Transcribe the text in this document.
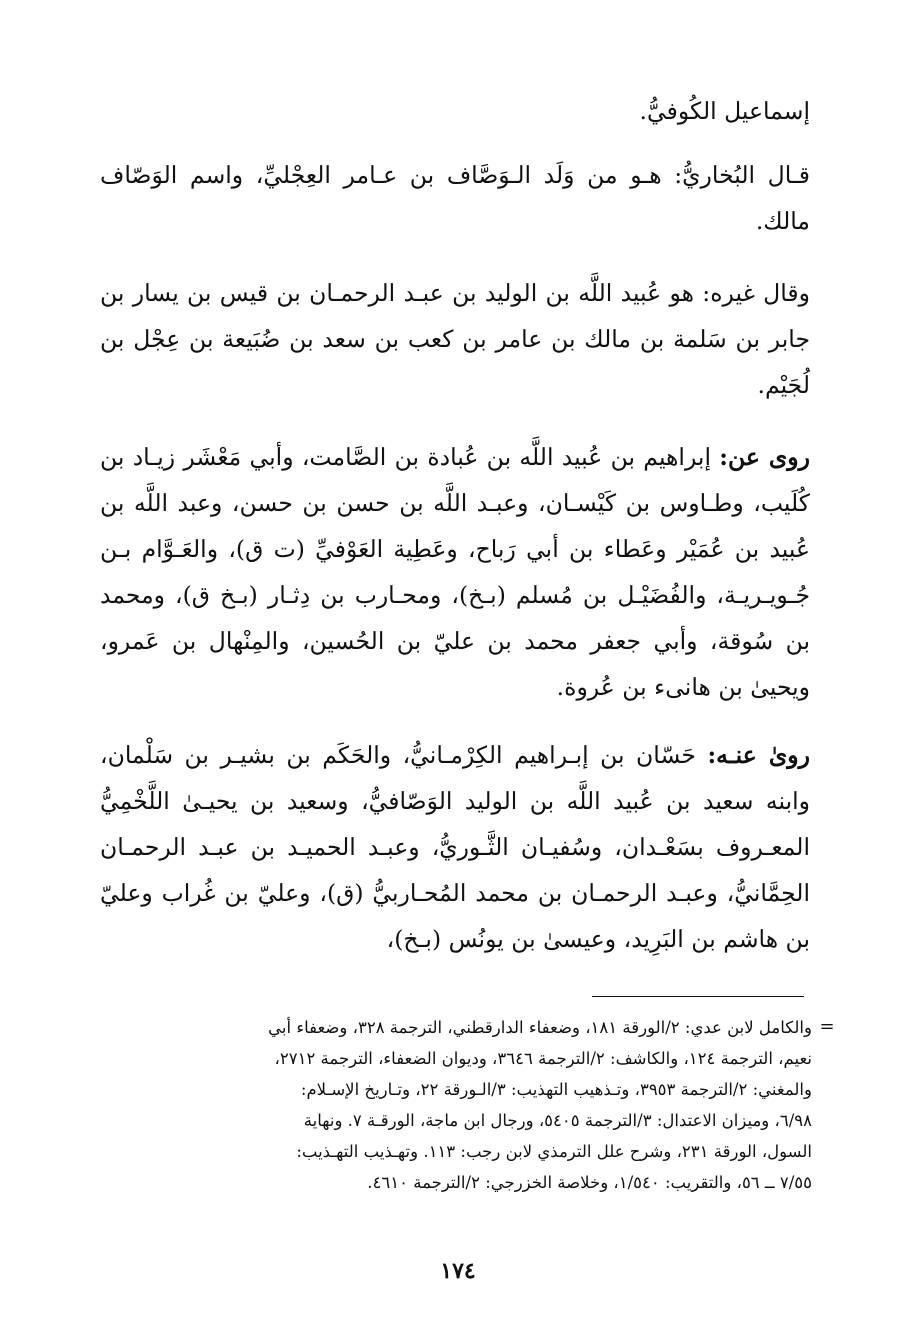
إسماعيل الكُوفيُّ.

قـال البُخاريُّ: هـو من وَلَد الـوَصَّاف بن عـامر العِجْليِّ، واسم الوَصّاف مالك.

وقال غيره: هو عُبيد اللَّه بن الوليد بن عبـد الرحمـان بن قيس بن يسار بن جابر بن سَلمة بن مالك بن عامر بن كعب بن سعد بن ضُبَيعة بن عِجْل بن لُجَيْم.

روى عن: إبراهيم بن عُبيد اللَّه بن عُبادة بن الصَّامت، وأبي مَعْشَر زيـاد بن كُلَيب، وطـاوس بن كَيْسـان، وعبـد اللَّه بن حسن بن حسن، وعبد اللَّه بن عُبيد بن عُمَيْر وعَطاء بن أبي رَباح، وعَطِية العَوْفيِّ (ت ق)، والعَـوَّام بـن جُـويـريـة، والفُضَيْـل بن مُسلم (بـخ)، ومحـارب بن دِثـار (بـخ ق)، ومحمد بن سُوقة، وأبي جعفر محمد بن عليّ بن الحُسين، والمِنْهال بن عَمرو، ويحيىٰ بن هانىء بن عُروة.

روىٰ عنـه: حَسّان بن إبـراهيم الكِرْمـانيُّ، والحَكَم بن بشيـر بن سَلْمان، وابنه سعيد بن عُبيد اللَّه بن الوليد الوَصّافيُّ، وسعيد بن يحيـىٰ اللَّخْمِيُّ المعـروف بسَعْـدان، وسُفيـان الثَّـوريُّ، وعبـد الحميـد بن عبـد الرحمـان الحِمَّانيُّ، وعبـد الرحمـان بن محمد المُحـاربيُّ (ق)، وعليّ بن غُراب وعليّ بن هاشم بن البَرِيد، وعيسىٰ بن يونُس (بـخ)،

=

والكامل لابن عدي: ٢/الورقة ١٨١، وضعفاء الدارقطني، الترجمة ٣٢٨، وضعفاء أبي

نعيم، الترجمة ١٢٤، والكاشف: ٢/الترجمة ٣٦٤٦، وديوان الضعفاء، الترجمة ٢٧١٢،

والمغني: ٢/الترجمة ٣٩٥٣، وتـذهيب التهذيب: ٣/الـورقة ٢٢، وتـاريخ الإسـلام:

٦/٩٨، وميزان الاعتدال: ٣/الترجمة ٥٤٠٥، ورجال ابن ماجة، الورقـة ٧. ونهاية

السول، الورقة ٢٣١، وشرح علل الترمذي لابن رجب: ١١٣. وتهـذيب التهـذيب:

٧/٥٥ ــ ٥٦، والتقريب: ١/٥٤٠، وخلاصة الخزرجي: ٢/الترجمة ٤٦١٠.

١٧٤
